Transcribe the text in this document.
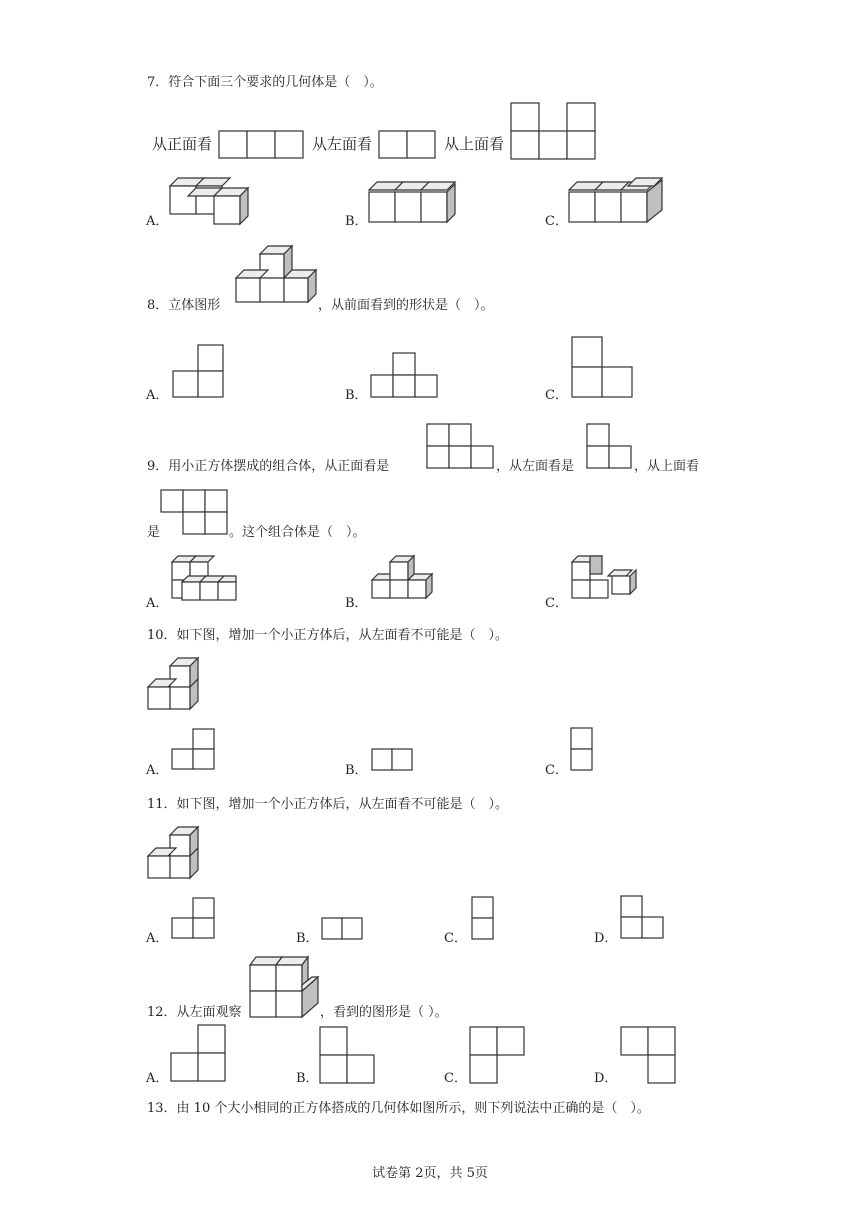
7．符合下面三个要求的几何体是（　）。
从正面看	从左面看	从上面看
A．	B．	C．
8．立体图形	，从前面看到的形状是（　）。
A．	B．	C．
9．用小正方体摆成的组合体，从正面看是	，从左面看是	，从上面看
是	。这个组合体是（　）。
A．	B．	C．
10．如下图，增加一个小正方体后，从左面看不可能是（　）。
A．	B．	C．
11．如下图，增加一个小正方体后，从左面看不可能是（　）。
A．	B．	C．	D．
12．从左面观察	，看到的图形是（ ）。
A．	B．	C．	D．
13．由 10 个大小相同的正方体搭成的几何体如图所示，则下列说法中正确的是（　）。
试卷第 2页，共 5页
